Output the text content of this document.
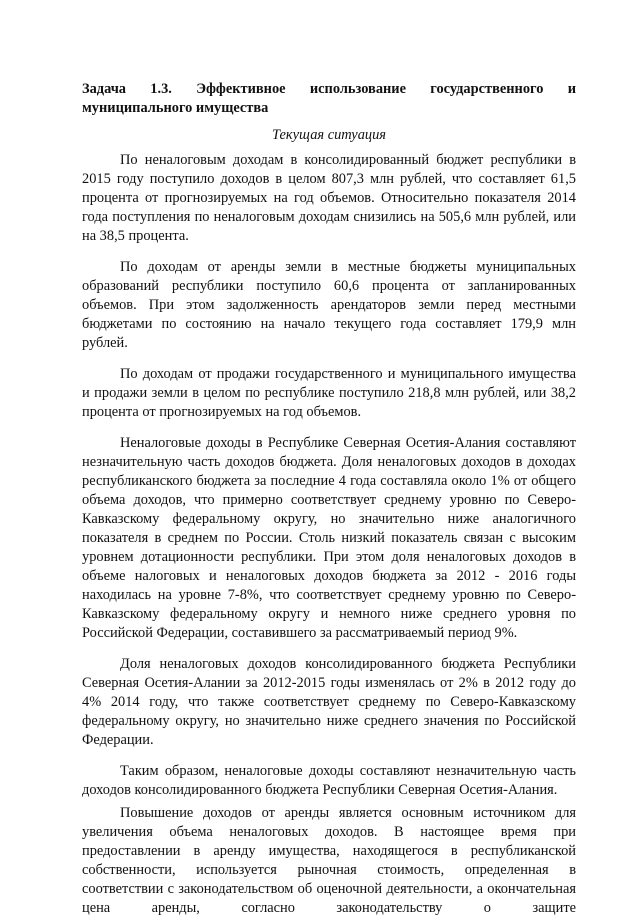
Задача 1.3. Эффективное использование государственного и муниципального имущества
Текущая ситуация

По неналоговым доходам в консолидированный бюджет республики в 2015 году поступило доходов в целом 807,3 млн рублей, что составляет 61,5 процента от прогнозируемых на год объемов. Относительно показателя 2014 года поступления по неналоговым доходам снизились на 505,6 млн рублей, или на 38,5 процента.

По доходам от аренды земли в местные бюджеты муниципальных образований республики поступило 60,6 процента от запланированных объемов. При этом задолженность арендаторов земли перед местными бюджетами по состоянию на начало текущего года составляет 179,9 млн рублей.

По доходам от продажи государственного и муниципального имущества и продажи земли в целом по республике поступило 218,8 млн рублей, или 38,2 процента от прогнозируемых на год объемов.

Неналоговые доходы в Республике Северная Осетия-Алания составляют незначительную часть доходов бюджета. Доля неналоговых доходов в доходах республиканского бюджета за последние 4 года составляла около 1% от общего объема доходов, что примерно соответствует среднему уровню по Северо-Кавказскому федеральному округу, но значительно ниже аналогичного показателя в среднем по России. Столь низкий показатель связан с высоким уровнем дотационности республики. При этом доля неналоговых доходов в объеме налоговых и неналоговых доходов бюджета за 2012 - 2016 годы находилась на уровне 7-8%, что соответствует среднему уровню по Северо-Кавказскому федеральному округу и немного ниже среднего уровня по Российской Федерации, составившего за рассматриваемый период 9%.

Доля неналоговых доходов консолидированного бюджета Республики Северная Осетия-Алании за 2012-2015 годы изменялась от 2% в 2012 году до 4% 2014 году, что также соответствует среднему по Северо-Кавказскому федеральному округу, но значительно ниже среднего значения по Российской Федерации.

Таким образом, неналоговые доходы составляют незначительную часть доходов консолидированного бюджета Республики Северная Осетия-Алания.

Повышение доходов от аренды является основным источником для увеличения объема неналоговых доходов. В настоящее время при предоставлении в аренду имущества, находящегося в республиканской собственности, используется рыночная стоимость, определенная в соответствии с законодательством об оценочной деятельности, а окончательная цена аренды, согласно законодательству о защите
